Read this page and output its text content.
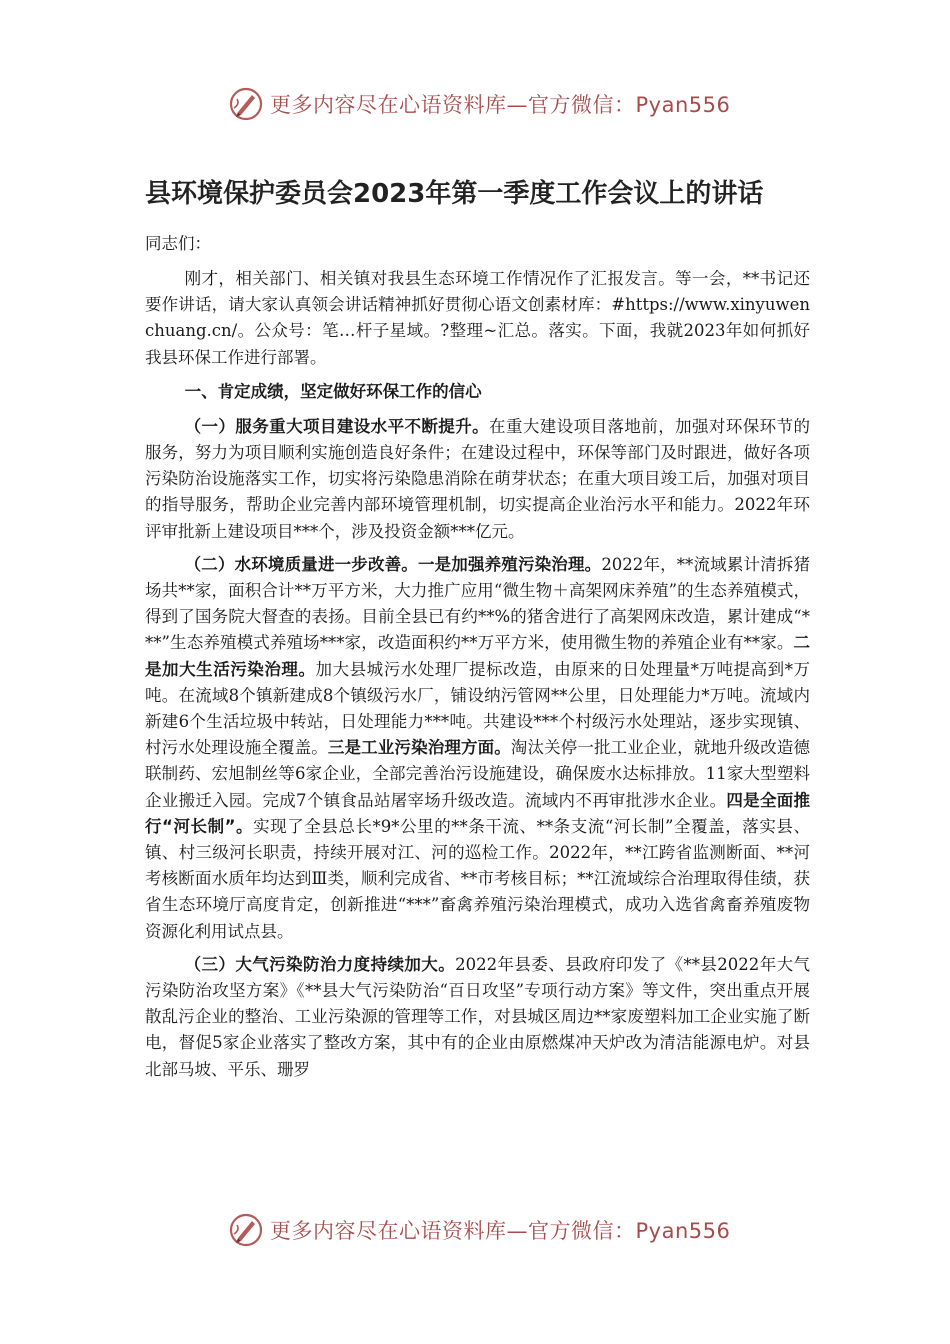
更多内容尽在心语资料库—官方微信：Pyan556
县环境保护委员会2023年第一季度工作会议上的讲话

同志们：

刚才，相关部门、相关镇对我县生态环境工作情况作了汇报发言。等一会，**书记还要作讲话，请大家认真领会讲话精神抓好贯彻心语文创素材库：#https://www.xinyuwenchuang.cn/。公众号：笔…杆子星域。?整理~汇总。落实。下面，我就2023年如何抓好我县环保工作进行部署。

一、肯定成绩，坚定做好环保工作的信心

（一）服务重大项目建设水平不断提升。在重大建设项目落地前，加强对环保环节的服务，努力为项目顺利实施创造良好条件；在建设过程中，环保等部门及时跟进，做好各项污染防治设施落实工作，切实将污染隐患消除在萌芽状态；在重大项目竣工后，加强对项目的指导服务，帮助企业完善内部环境管理机制，切实提高企业治污水平和能力。2022年环评审批新上建设项目***个，涉及投资金额***亿元。

（二）水环境质量进一步改善。一是加强养殖污染治理。2022年，**流域累计清拆猪场共**家，面积合计**万平方米，大力推广应用“微生物＋高架网床养殖”的生态养殖模式，得到了国务院大督查的表扬。目前全县已有约**%的猪舍进行了高架网床改造，累计建成“***”生态养殖模式养殖场***家，改造面积约**万平方米，使用微生物的养殖企业有**家。二是加大生活污染治理。加大县城污水处理厂提标改造，由原来的日处理量*万吨提高到*万吨。在流域8个镇新建成8个镇级污水厂，铺设纳污管网**公里，日处理能力*万吨。流域内新建6个生活垃圾中转站，日处理能力***吨。共建设***个村级污水处理站，逐步实现镇、村污水处理设施全覆盖。三是工业污染治理方面。淘汰关停一批工业企业，就地升级改造德联制药、宏旭制丝等6家企业，全部完善治污设施建设，确保废水达标排放。11家大型塑料企业搬迁入园。完成7个镇食品站屠宰场升级改造。流域内不再审批涉水企业。四是全面推行“河长制”。实现了全县总长*9*公里的**条干流、**条支流“河长制”全覆盖，落实县、镇、村三级河长职责，持续开展对江、河的巡检工作。2022年，**江跨省监测断面、**河考核断面水质年均达到Ⅲ类，顺利完成省、**市考核目标；**江流域综合治理取得佳绩，获省生态环境厅高度肯定，创新推进“***”畜禽养殖污染治理模式，成功入选省禽畜养殖废物资源化利用试点县。

（三）大气污染防治力度持续加大。2022年县委、县政府印发了《**县2022年大气污染防治攻坚方案》《**县大气污染防治“百日攻坚”专项行动方案》等文件，突出重点开展散乱污企业的整治、工业污染源的管理等工作，对县城区周边**家废塑料加工企业实施了断电，督促5家企业落实了整改方案，其中有的企业由原燃煤冲天炉改为清洁能源电炉。对县北部马坡、平乐、珊罗

更多内容尽在心语资料库—官方微信：Pyan556
